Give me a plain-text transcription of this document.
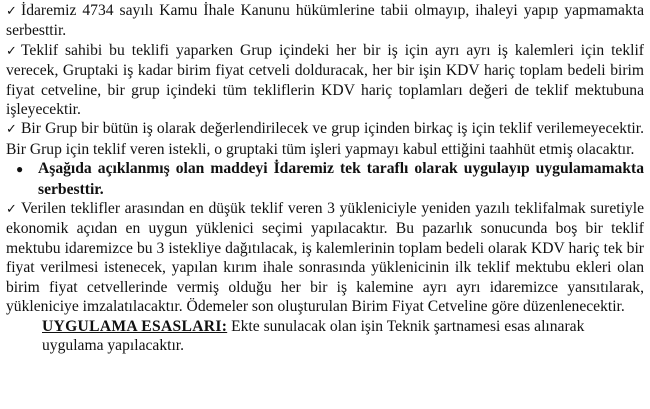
✓ İdaremiz 4734 sayılı Kamu İhale Kanunu hükümlerine tabii olmayıp, ihaleyi yapıp yapmamakta serbesttir.

✓ Teklif sahibi bu teklifi yaparken Grup içindeki her bir iş için ayrı ayrı iş kalemleri için teklif verecek, Gruptaki iş kadar birim fiyat cetveli dolduracak, her bir işin KDV hariç toplam bedeli birim fiyat cetveline, bir grup içindeki tüm tekliflerin KDV hariç toplamları değeri de teklif mektubuna işleyecektir.

✓ Bir Grup bir bütün iş olarak değerlendirilecek ve grup içinden birkaç iş için teklif verilemeyecektir. Bir Grup için teklif veren istekli, o gruptaki tüm işleri yapmayı kabul ettiğini taahhüt etmiş olacaktır.

● Aşağıda açıklanmış olan maddeyi İdaremiz tek taraflı olarak uygulayıp uygulamamakta serbesttir.

✓ Verilen teklifler arasından en düşük teklif veren 3 yükleniciyle yeniden yazılı teklifalmak suretiyle ekonomik açıdan en uygun yüklenici seçimi yapılacaktır. Bu pazarlık sonucunda boş bir teklif mektubu idaremizce bu 3 istekliye dağıtılacak, iş kalemlerinin toplam bedeli olarak KDV hariç tek bir fiyat verilmesi istenecek, yapılan kırım ihale sonrasında yüklenicinin ilk teklif mektubu ekleri olan birim fiyat cetvellerinde vermiş olduğu her bir iş kalemine ayrı ayrı idaremizce yansıtılarak, yükleniciye imzalatılacaktır. Ödemeler son oluşturulan Birim Fiyat Cetveline göre düzenlenecektir.

UYGULAMA ESASLARI: Ekte sunulacak olan işin Teknik şartnamesi esas alınarak
uygulama yapılacaktır.
